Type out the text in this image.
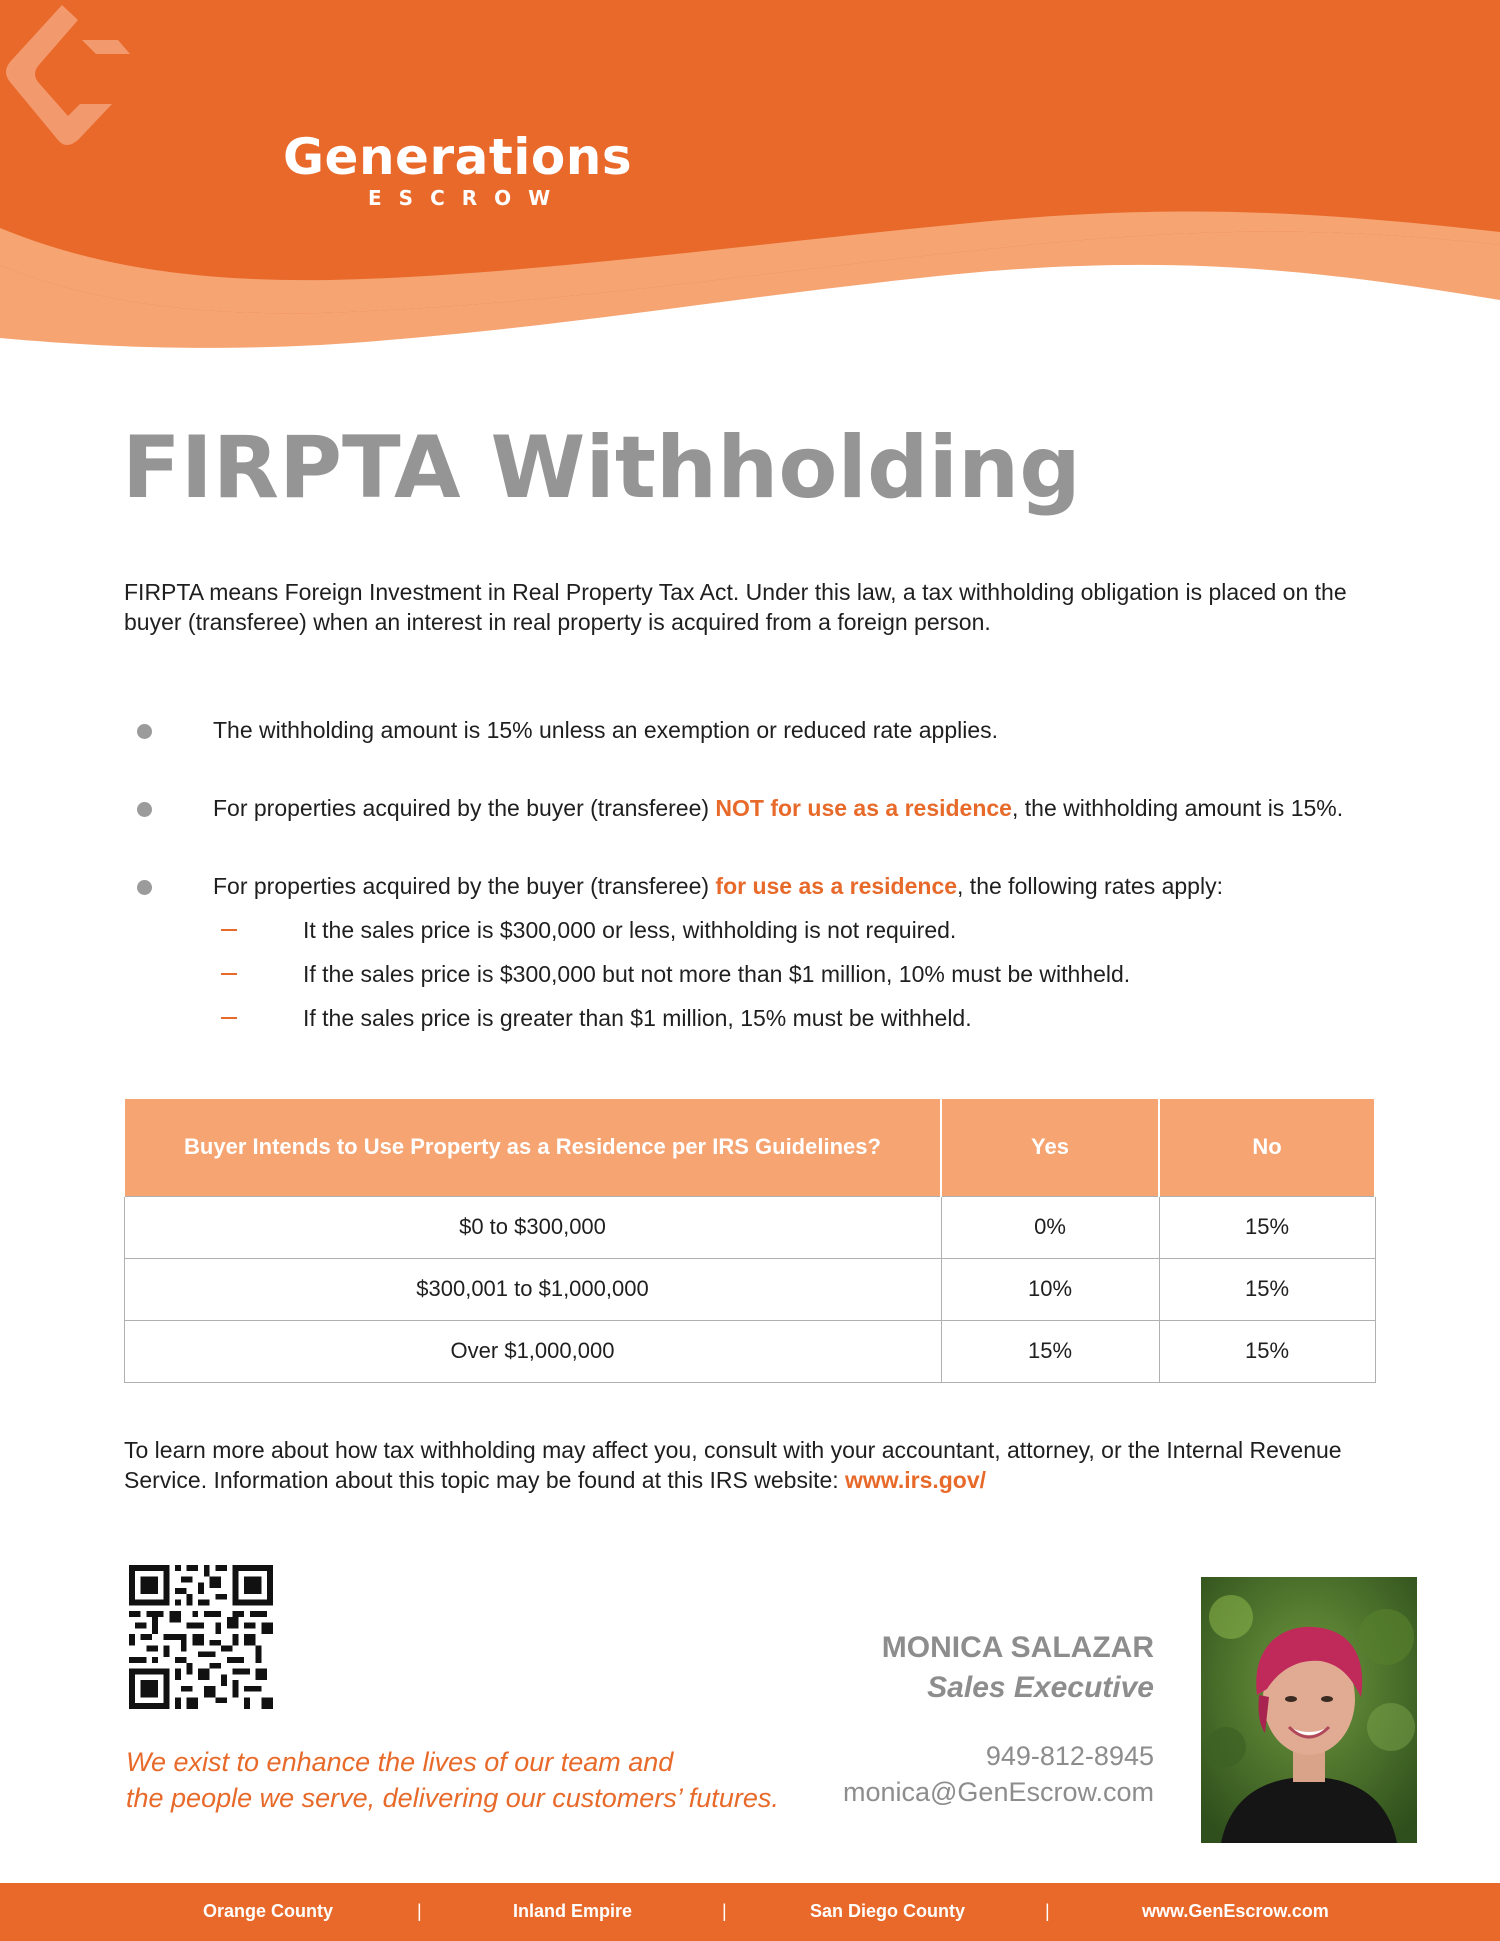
Generations
ESCROW
FIRPTA Withholding

FIRPTA means Foreign Investment in Real Property Tax Act. Under this law, a tax withholding obligation is placed on the buyer (transferee) when an interest in real property is acquired from a foreign person.

The withholding amount is 15% unless an exemption or reduced rate applies.
For properties acquired by the buyer (transferee) NOT for use as a residence, the withholding amount is 15%.
For properties acquired by the buyer (transferee) for use as a residence, the following rates apply:
It the sales price is $300,000 or less, withholding is not required.
If the sales price is $300,000 but not more than $1 million, 10% must be withheld.
If the sales price is greater than $1 million, 15% must be withheld.
Buyer Intends to Use Property as a Residence per IRS Guidelines?	Yes	No
$0 to $300,000	0%	15%
$300,001 to $1,000,000	10%	15%
Over $1,000,000	15%	15%

To learn more about how tax withholding may affect you, consult with your accountant, attorney, or the Internal Revenue Service. Information about this topic may be found at this IRS website: www.irs.gov/

We exist to enhance the lives of our team and
the people we serve, delivering our customers’ futures.
MONICA SALAZAR
Sales Executive
949-812-8945
monica@GenEscrow.com
Orange County	|	Inland Empire	|	San Diego County	|	www.GenEscrow.com
